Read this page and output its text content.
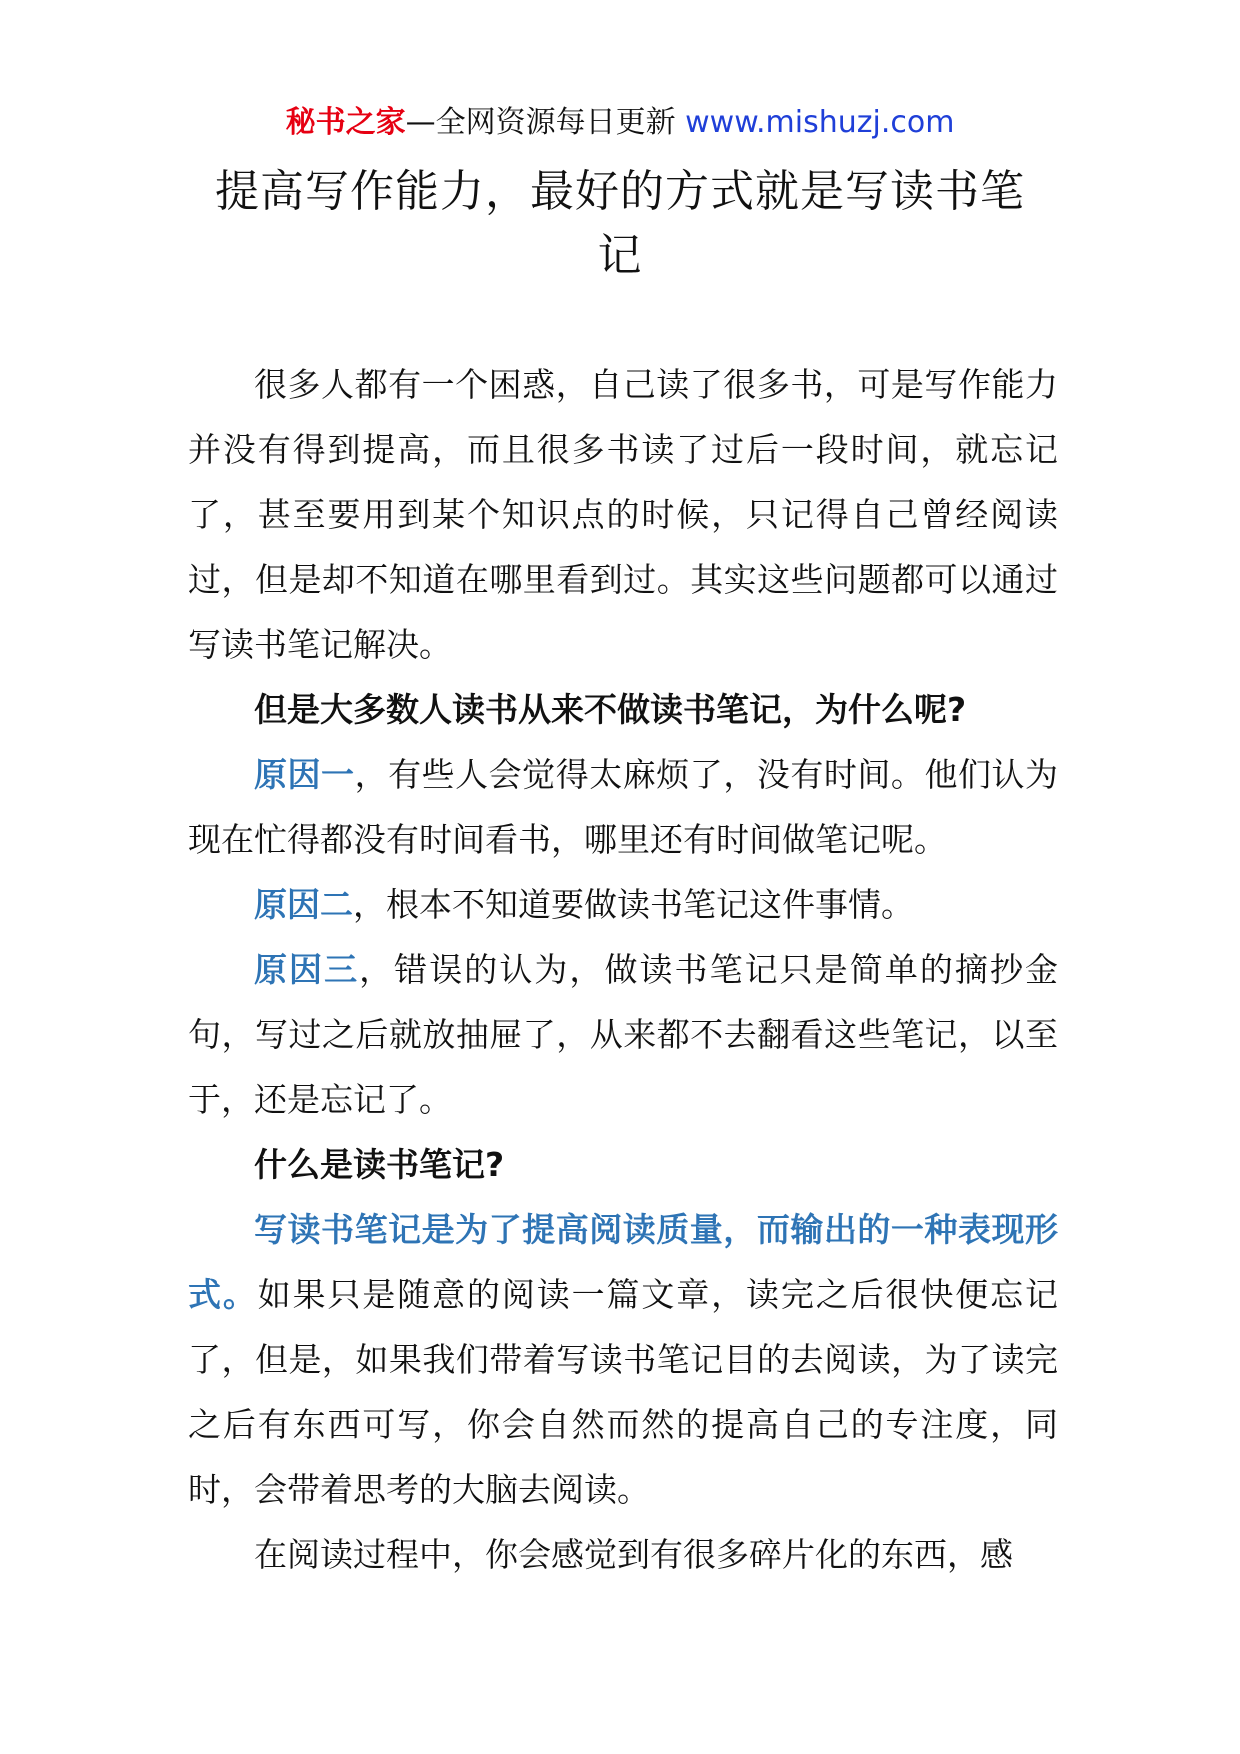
秘书之家—全网资源每日更新 www.mishuzj.com
提高写作能力，最好的方式就是写读书笔记

很多人都有一个困惑，自己读了很多书，可是写作能力并没有得到提高，而且很多书读了过后一段时间，就忘记了，甚至要用到某个知识点的时候，只记得自己曾经阅读过，但是却不知道在哪里看到过。其实这些问题都可以通过写读书笔记解决。

但是大多数人读书从来不做读书笔记，为什么呢?

原因一，有些人会觉得太麻烦了，没有时间。他们认为现在忙得都没有时间看书，哪里还有时间做笔记呢。

原因二，根本不知道要做读书笔记这件事情。

原因三，错误的认为，做读书笔记只是简单的摘抄金句，写过之后就放抽屉了，从来都不去翻看这些笔记，以至于，还是忘记了。

什么是读书笔记?

写读书笔记是为了提高阅读质量，而输出的一种表现形式。如果只是随意的阅读一篇文章，读完之后很快便忘记了，但是，如果我们带着写读书笔记目的去阅读，为了读完之后有东西可写，你会自然而然的提高自己的专注度，同时，会带着思考的大脑去阅读。

在阅读过程中，你会感觉到有很多碎片化的东西，感
